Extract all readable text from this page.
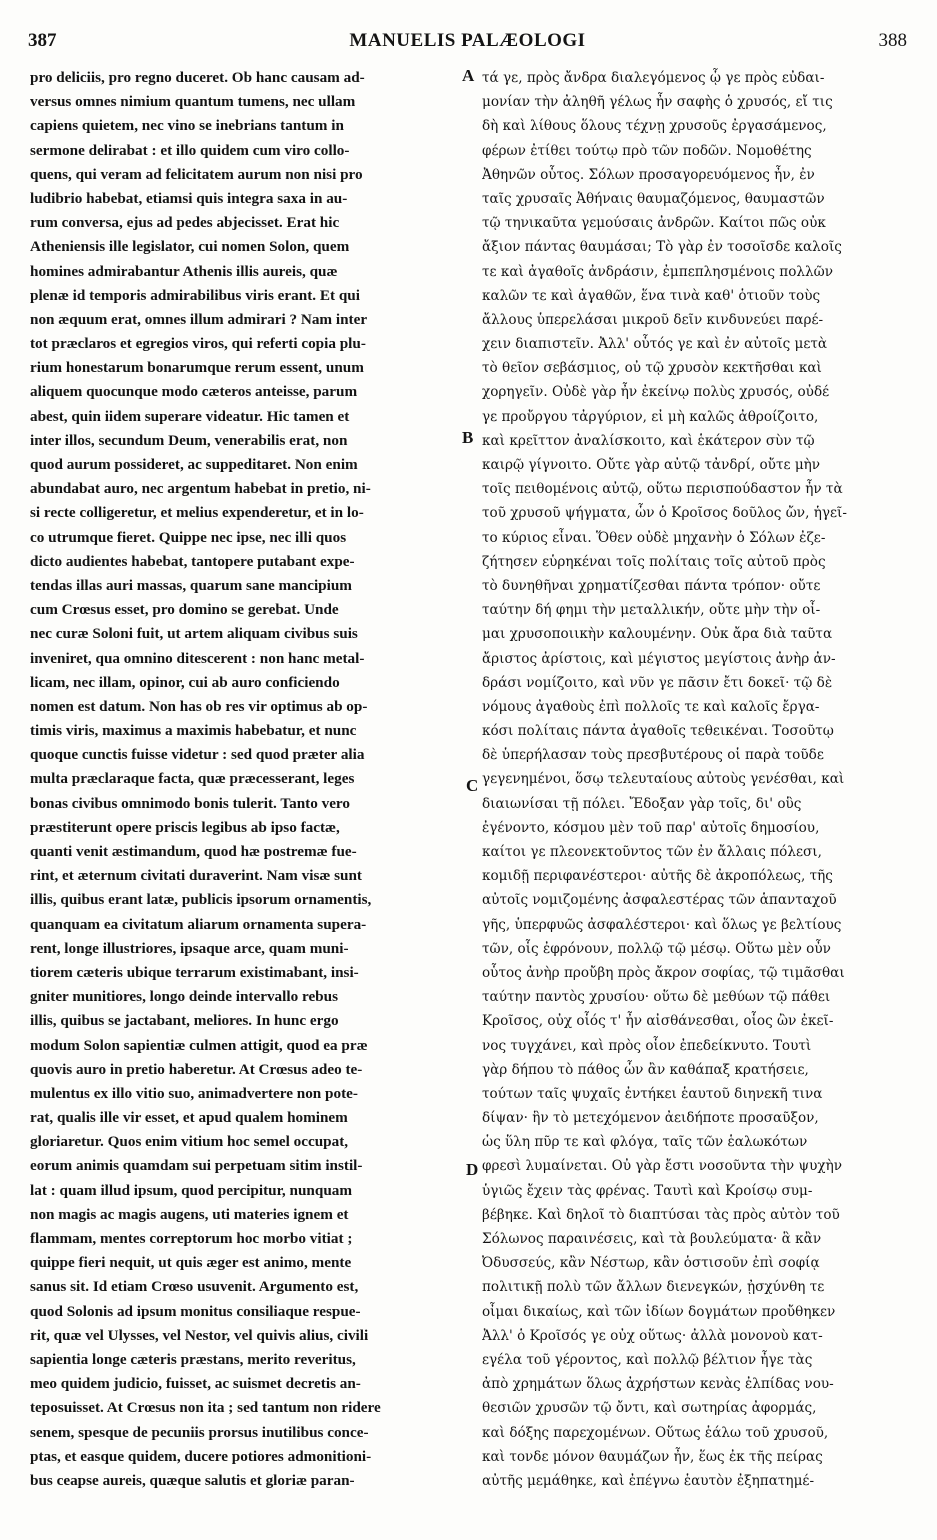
387	MANUELIS PALÆOLOGI	388
pro deliciis, pro regno duceret. Ob hanc causam ad-
versus omnes nimium quantum tumens, nec ullam
capiens quietem, nec vino se inebrians tantum in
sermone delirabat : et illo quidem cum viro collo-
quens, qui veram ad felicitatem aurum non nisi pro
ludibrio habebat, etiamsi quis integra saxa in au-
rum conversa, ejus ad pedes abjecisset. Erat hic
Atheniensis ille legislator, cui nomen Solon, quem
homines admirabantur Athenis illis aureis, quæ
plenæ id temporis admirabilibus viris erant. Et qui
non æquum erat, omnes illum admirari ? Nam inter
tot præclaros et egregios viros, qui referti copia plu-
rium honestarum bonarumque rerum essent, unum
aliquem quocunque modo cæteros anteisse, parum
abest, quin iidem superare videatur. Hic tamen et
inter illos, secundum Deum, venerabilis erat, non
quod aurum possideret, ac suppeditaret. Non enim
abundabat auro, nec argentum habebat in pretio, ni-
si recte colligeretur, et melius expenderetur, et in lo-
co utrumque fieret. Quippe nec ipse, nec illi quos
dicto audientes habebat, tantopere putabant expe-
tendas illas auri massas, quarum sane mancipium
cum Crœsus esset, pro domino se gerebat. Unde
nec curæ Soloni fuit, ut artem aliquam civibus suis
inveniret, qua omnino ditescerent : non hanc metal-
licam, nec illam, opinor, cui ab auro conficiendo
nomen est datum. Non has ob res vir optimus ab op-
timis viris, maximus a maximis habebatur, et nunc
quoque cunctis fuisse videtur : sed quod præter alia
multa præclaraque facta, quæ præcesserant, leges
bonas civibus omnimodo bonis tulerit. Tanto vero
præstiterunt opere priscis legibus ab ipso factæ,
quanti venit æstimandum, quod hæ postremæ fue-
rint, et æternum civitati duraverint. Nam visæ sunt
illis, quibus erant latæ, publicis ipsorum ornamentis,
quanquam ea civitatum aliarum ornamenta supera-
rent, longe illustriores, ipsaque arce, quam muni-
tiorem cæteris ubique terrarum existimabant, insi-
gniter munitiores, longo deinde intervallo rebus
illis, quibus se jactabant, meliores. In hunc ergo
modum Solon sapientiæ culmen attigit, quod ea præ
quovis auro in pretio haberetur. At Crœsus adeo te-
mulentus ex illo vitio suo, animadvertere non pote-
rat, qualis ille vir esset, et apud qualem hominem
gloriaretur. Quos enim vitium hoc semel occupat,
eorum animis quamdam sui perpetuam sitim instil-
lat : quam illud ipsum, quod percipitur, nunquam
non magis ac magis augens, uti materies ignem et
flammam, mentes correptorum hoc morbo vitiat ;
quippe fieri nequit, ut quis æger est animo, mente
sanus sit. Id etiam Crœso usuvenit. Argumento est,
quod Solonis ad ipsum monitus consiliaque respue-
rit, quæ vel Ulysses, vel Nestor, vel quivis alius, civili
sapientia longe cæteris præstans, merito reveritus,
meo quidem judicio, fuisset, ac suismet decretis an-
teposuisset. At Crœsus non ita ; sed tantum non ridere
senem, spesque de pecuniis prorsus inutilibus conce-
ptas, et easque quidem, ducere potiores admonitioni-
bus ceapse aureis, quæque salutis et gloriæ paran-
τά γε, πρὸς ἄνδρα διαλεγόμενος ᾧ γε πρὸς εὐδαι-
μονίαν τὴν ἀληθῆ γέλως ἦν σαφὴς ὁ χρυσός, εἴ τις
δὴ καὶ λίθους ὅλους τέχνῃ χρυσοῦς ἐργασάμενος,
φέρων ἐτίθει τούτῳ πρὸ τῶν ποδῶν. Νομοθέτης
Ἀθηνῶν οὗτος. Σόλων προσαγορευόμενος ἦν, ἐν
ταῖς χρυσαῖς Ἀθήναις θαυμαζόμενος, θαυμαστῶν
τῷ τηνικαῦτα γεμούσαις ἀνδρῶν. Καίτοι πῶς οὐκ
ἄξιον πάντας θαυμάσαι; Τὸ γὰρ ἐν τοσοῖσδε καλοῖς
τε καὶ ἀγαθοῖς ἀνδράσιν, ἐμπεπλησμένοις πολλῶν
καλῶν τε καὶ ἀγαθῶν, ἕνα τινὰ καθ' ὁτιοῦν τοὺς
ἄλλους ὑπερελάσαι μικροῦ δεῖν κινδυνεύει παρέ-
χειν διαπιστεῖν. Ἀλλ' οὗτός γε καὶ ἐν αὐτοῖς μετὰ
τὸ θεῖον σεβάσμιος, οὐ τῷ χρυσὸν κεκτῆσθαι καὶ
χορηγεῖν. Οὐδὲ γὰρ ἦν ἐκείνῳ πολὺς χρυσός, οὐδέ
γε προὔργου τἀργύριον, εἰ μὴ καλῶς ἀθροίζοιτο,
καὶ κρεῖττον ἀναλίσκοιτο, καὶ ἑκάτερον σὺν τῷ
καιρῷ γίγνοιτο. Οὔτε γὰρ αὐτῷ τἀνδρί, οὔτε μὴν
τοῖς πειθομένοις αὐτῷ, οὕτω περισπούδαστον ἦν τὰ
τοῦ χρυσοῦ ψήγματα, ὧν ὁ Κροῖσος δοῦλος ὤν, ἡγεῖ-
το κύριος εἶναι. Ὅθεν οὐδὲ μηχανὴν ὁ Σόλων ἐζε-
ζήτησεν εὑρηκέναι τοῖς πολίταις τοῖς αὐτοῦ πρὸς
τὸ δυνηθῆναι χρηματίζεσθαι πάντα τρόπον· οὔτε
ταύτην δή φημι τὴν μεταλλικήν, οὔτε μὴν τὴν οἶ-
μαι χρυσοποιικὴν καλουμένην. Οὐκ ἄρα διὰ ταῦτα
ἄριστος ἀρίστοις, καὶ μέγιστος μεγίστοις ἀνὴρ ἀν-
δράσι νομίζοιτο, καὶ νῦν γε πᾶσιν ἔτι δοκεῖ· τῷ δὲ
νόμους ἀγαθοὺς ἐπὶ πολλοῖς τε καὶ καλοῖς ἔργα-
κόσι πολίταις πάντα ἀγαθοῖς τεθεικέναι. Τοσοῦτῳ
δὲ ὑπερήλασαν τοὺς πρεσβυτέρους οἱ παρὰ τοῦδε
γεγενημένοι, ὅσῳ τελευταίους αὐτοὺς γενέσθαι, καὶ
διαιωνίσαι τῇ πόλει. Ἔδοξαν γὰρ τοῖς, δι' οὓς
ἐγένοντο, κόσμου μὲν τοῦ παρ' αὐτοῖς δημοσίου,
καίτοι γε πλεονεκτοῦντος τῶν ἐν ἄλλαις πόλεσι,
κομιδῇ περιφανέστεροι· αὐτῆς δὲ ἀκροπόλεως, τῆς
αὐτοῖς νομιζομένης ἀσφαλεστέρας τῶν ἁπανταχοῦ
γῆς, ὑπερφυῶς ἀσφαλέστεροι· καὶ ὅλως γε βελτίους
τῶν, οἷς ἐφρόνουν, πολλῷ τῷ μέσῳ. Οὕτω μὲν οὖν
οὗτος ἀνὴρ προὔβη πρὸς ἄκρον σοφίας, τῷ τιμᾶσθαι
ταύτην παντὸς χρυσίου· οὕτω δὲ μεθύων τῷ πάθει
Κροῖσος, οὐχ οἷός τ' ἦν αἰσθάνεσθαι, οἷος ὢν ἐκεῖ-
νος τυγχάνει, καὶ πρὸς οἷον ἐπεδείκνυτο. Τουτὶ
γὰρ δήπου τὸ πάθος ὧν ἂν καθάπαξ κρατήσειε,
τούτων ταῖς ψυχαῖς ἐντήκει ἑαυτοῦ διηνεκῆ τινα
δίψαν· ἣν τὸ μετεχόμενον ἀειδήποτε προσαῦξον,
ὡς ὕλη πῦρ τε καὶ φλόγα, ταῖς τῶν ἑαλωκότων
φρεσὶ λυμαίνεται. Οὐ γὰρ ἔστι νοσοῦντα τὴν ψυχὴν
ὑγιῶς ἔχειν τὰς φρένας. Ταυτὶ καὶ Κροίσῳ συμ-
βέβηκε. Καὶ δηλοῖ τὸ διαπτύσαι τὰς πρὸς αὐτὸν τοῦ
Σόλωνος παραινέσεις, καὶ τὰ βουλεύματα· ἃ κἂν
Ὀδυσσεύς, κἂν Νέστωρ, κἂν ὁστισοῦν ἐπὶ σοφίᾳ
πολιτικῇ πολὺ τῶν ἄλλων διενεγκών, ᾐσχύνθη τε
οἶμαι δικαίως, καὶ τῶν ἰδίων δογμάτων προὔθηκεν
Ἀλλ' ὁ Κροῖσός γε οὐχ οὕτως· ἀλλὰ μονονοὺ κατ-
εγέλα τοῦ γέροντος, καὶ πολλῷ βέλτιον ἦγε τὰς
ἀπὸ χρημάτων ὅλως ἀχρήστων κενὰς ἐλπίδας νου-
θεσιῶν χρυσῶν τῷ ὄντι, καὶ σωτηρίας ἀφορμάς,
καὶ δόξης παρεχομένων. Οὕτως ἑάλω τοῦ χρυσοῦ,
καὶ τονδε μόνον θαυμάζων ἦν, ἕως ἐκ τῆς πείρας
αὐτῆς μεμάθηκε, καὶ ἐπέγνω ἑαυτὸν ἐξηπατημέ-
A
B
C
D
